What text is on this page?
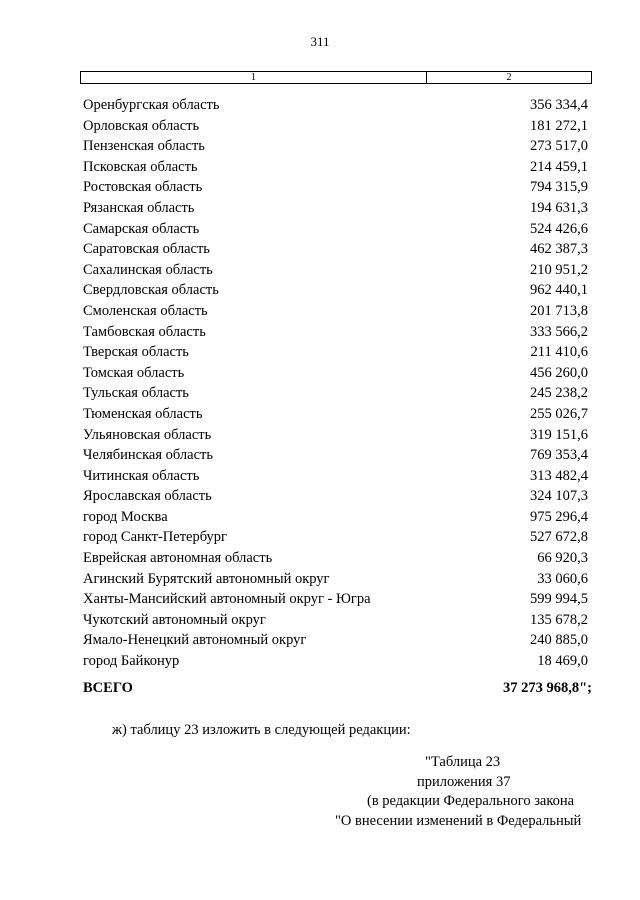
311
1	2
Оренбургская область	356 334,4
Орловская область	181 272,1
Пензенская область	273 517,0
Псковская область	214 459,1
Ростовская область	794 315,9
Рязанская область	194 631,3
Самарская область	524 426,6
Саратовская область	462 387,3
Сахалинская область	210 951,2
Свердловская область	962 440,1
Смоленская область	201 713,8
Тамбовская область	333 566,2
Тверская область	211 410,6
Томская область	456 260,0
Тульская область	245 238,2
Тюменская область	255 026,7
Ульяновская область	319 151,6
Челябинская область	769 353,4
Читинская область	313 482,4
Ярославская область	324 107,3
город Москва	975 296,4
город Санкт-Петербург	527 672,8
Еврейская автономная область	66 920,3
Агинский Бурятский автономный округ	33 060,6
Ханты-Мансийский автономный округ - Югра	599 994,5
Чукотский автономный округ	135 678,2
Ямало-Ненецкий автономный округ	240 885,0
город Байконур	18 469,0
ВСЕГО	37 273 968,8";
ж) таблицу 23 изложить в следующей редакции:
"Таблица 23
приложения 37
(в редакции Федерального закона
"О внесении изменений в Федеральный
